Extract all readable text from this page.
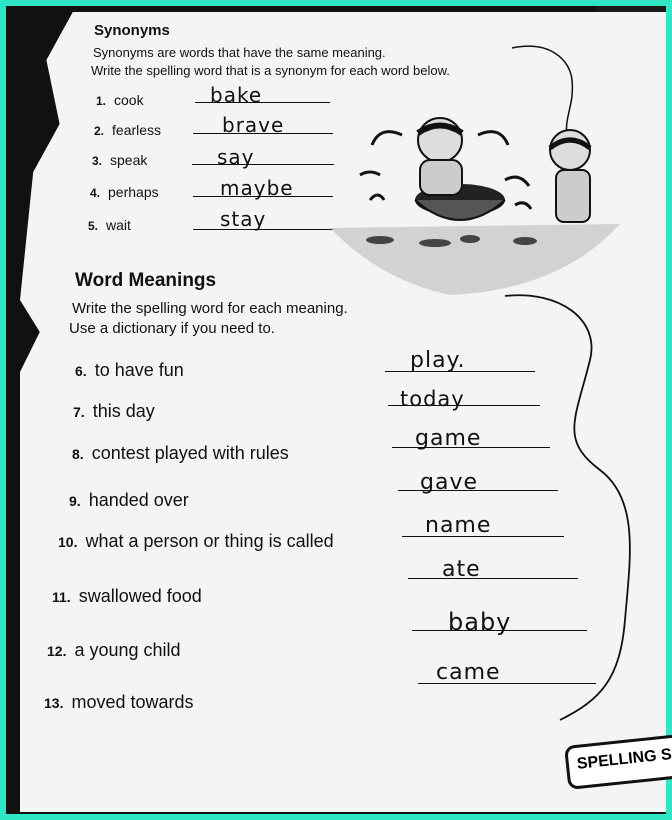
Synonyms
Synonyms are words that have the same meaning.
Write the spelling word that is a synonym for each word below.
1. cook	bake
2. fearless	brave
3. speak	say
4. perhaps	maybe
5. wait	stay
Word Meanings
Write the spelling word for each meaning.
Use a dictionary if you need to.
6. to have fun	play.
7. this day	today
8. contest played with rules
game
9. handed over
gave
10. what a person or thing is called
name
11. swallowed food
ate
12. a young child
baby
13. moved towards
came
SPELLING S
